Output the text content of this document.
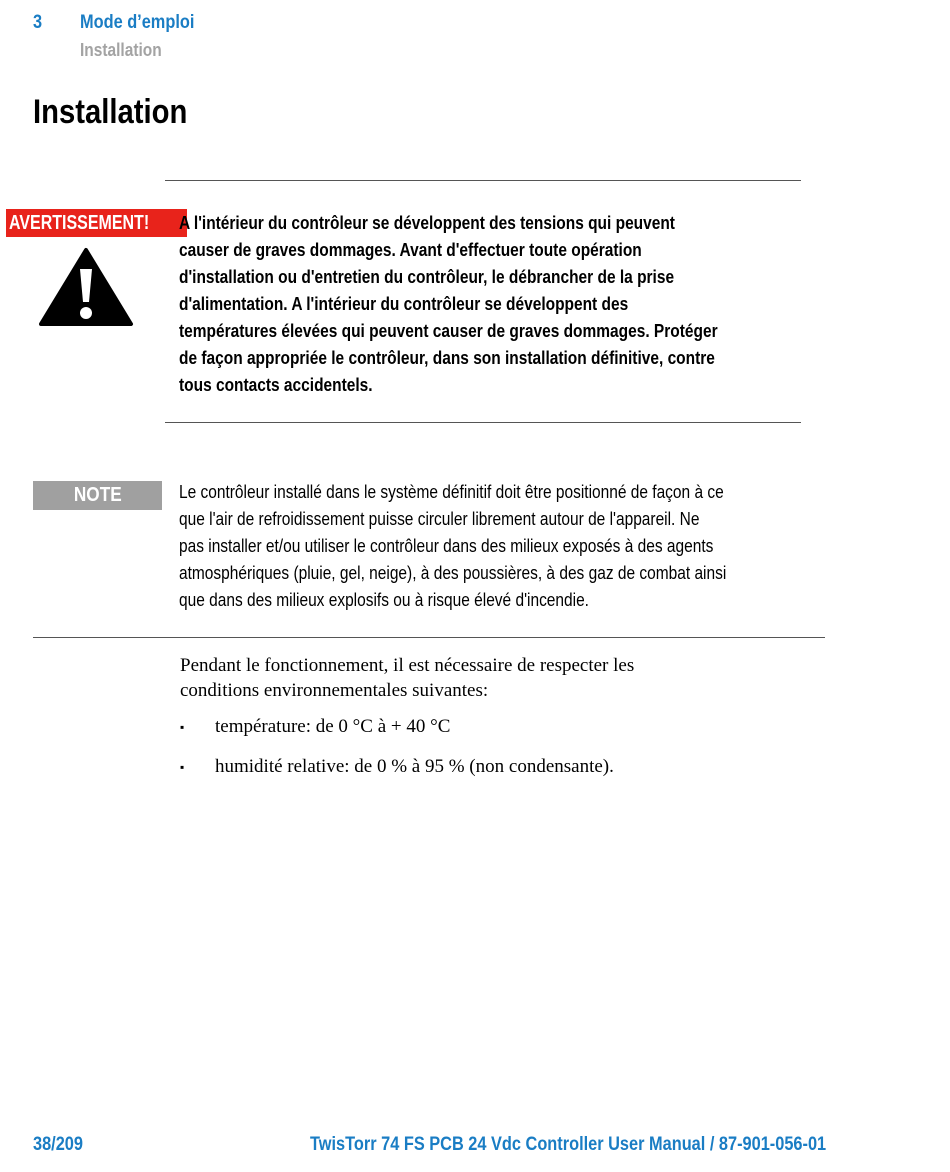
3 Mode d’emploi
Installation
Installation
AVERTISSEMENT!	A l'intérieur du contrôleur se développent des tensions qui peuvent
causer de graves dommages. Avant d'effectuer toute opération
d'installation ou d'entretien du contrôleur, le débrancher de la prise
d'alimentation. A l'intérieur du contrôleur se développent des
températures élevées qui peuvent causer de graves dommages. Protéger
de façon appropriée le contrôleur, dans son installation définitive, contre
tous contacts accidentels.
NOTE	Le contrôleur installé dans le système définitif doit être positionné de façon à ce
que l'air de refroidissement puisse circuler librement autour de l'appareil. Ne
pas installer et/ou utiliser le contrôleur dans des milieux exposés à des agents
atmosphériques (pluie, gel, neige), à des poussières, à des gaz de combat ainsi
que dans des milieux explosifs ou à risque élevé d'incendie.
Pendant le fonctionnement, il est nécessaire de respecter les
conditions environnementales suivantes:
▪ température: de 0 °C à + 40 °C
▪ humidité relative: de 0 % à 95 % (non condensante).
38/209	TwisTorr 74 FS PCB 24 Vdc Controller User Manual / 87-901-056-01
